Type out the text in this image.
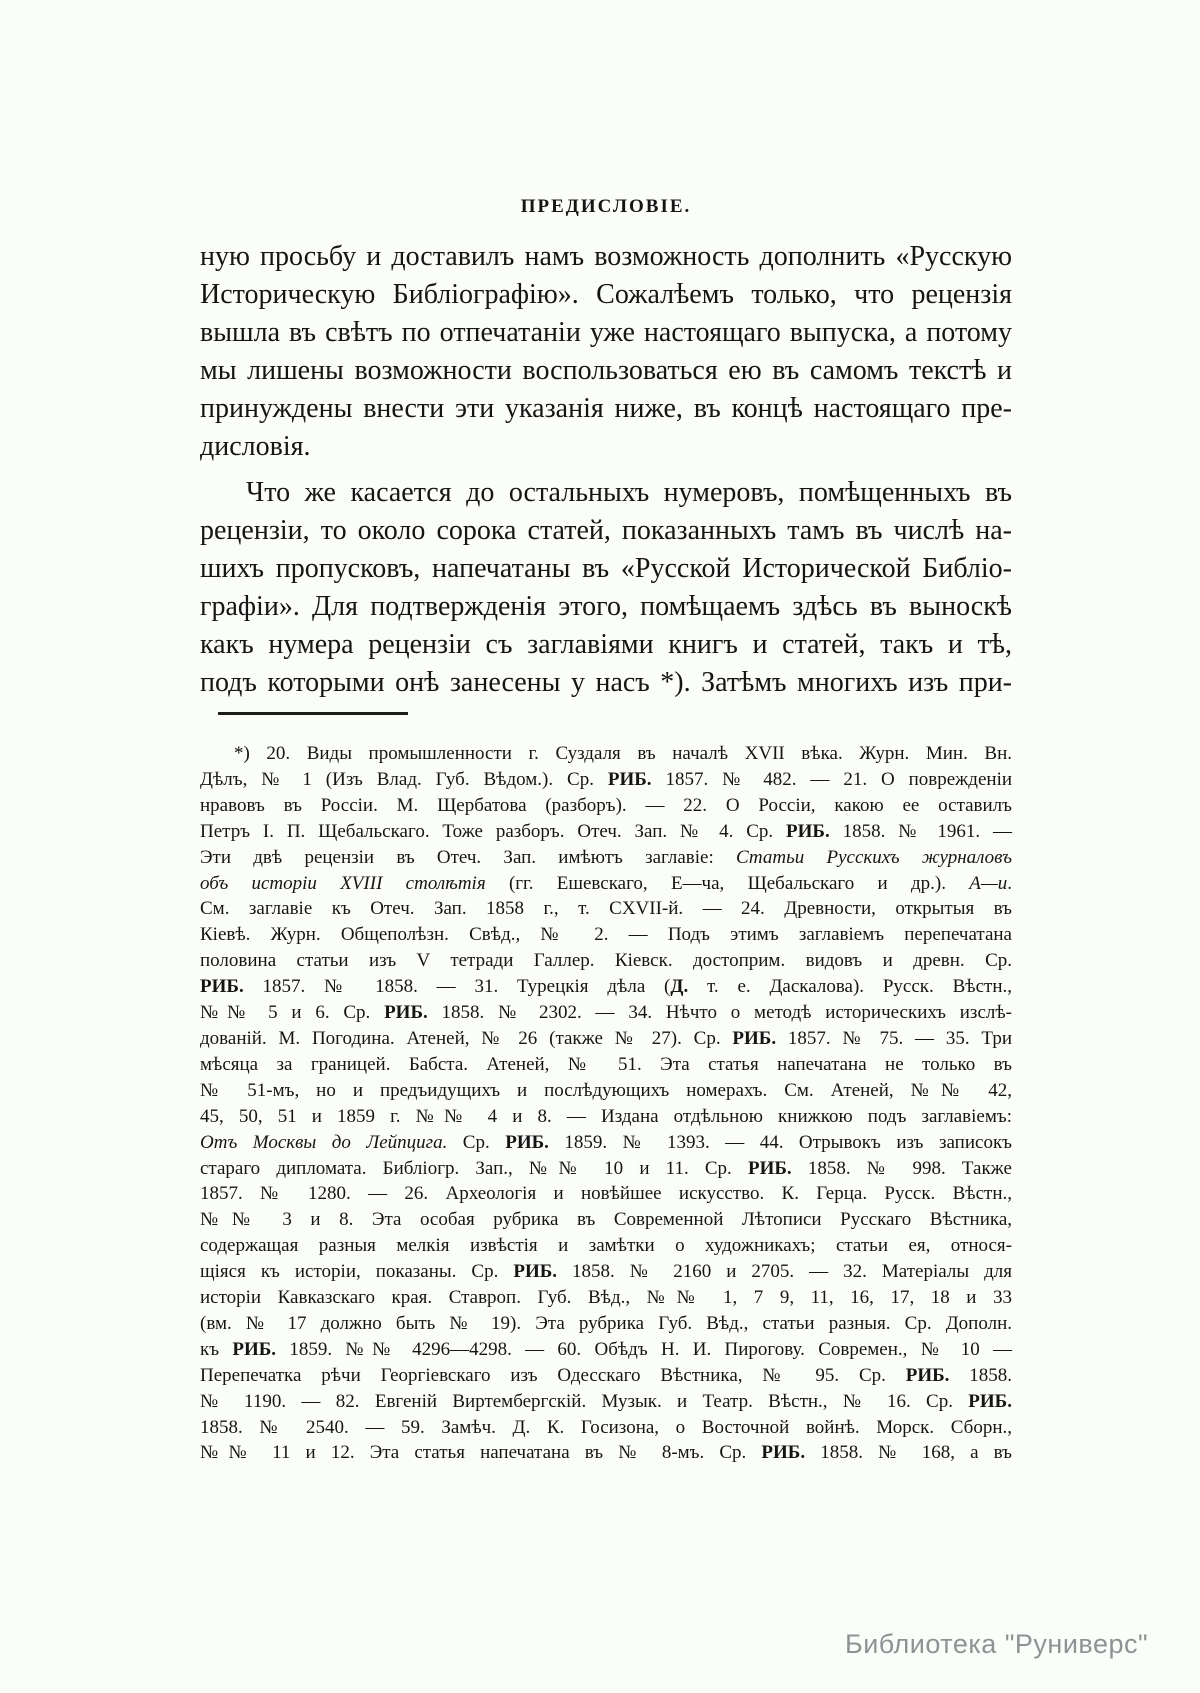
ПРЕДИСЛОВІЕ.
ную просьбу и доставилъ намъ возможность дополнить «Русскую
Историческую Библіографію». Сожалѣемъ только, что рецензія
вышла въ свѣтъ по отпечатаніи уже настоящаго выпуска, а потому
мы лишены возможности воспользоваться ею въ самомъ текстѣ и
принуждены внести эти указанія ниже, въ концѣ настоящаго пре-
дисловія.
Что же касается до остальныхъ нумеровъ, помѣщенныхъ въ
рецензіи, то около сорока статей, показанныхъ тамъ въ числѣ на-
шихъ пропусковъ, напечатаны въ «Русской Исторической Библіо-
графіи». Для подтвержденія этого, помѣщаемъ здѣсь въ выноскѣ
какъ нумера рецензіи съ заглавіями книгъ и статей, такъ и тѣ,
подъ которыми онѣ занесены у насъ *). Затѣмъ многихъ изъ при-
*) 20. Виды промышленности г. Суздаля въ началѣ XVII вѣка. Журн. Мин. Вн.
Дѣлъ, № 1 (Изъ Влад. Губ. Вѣдом.). Ср. РИБ. 1857. № 482. — 21. О поврежденіи
нравовъ въ Россіи. М. Щербатова (разборъ). — 22. О Россіи, какою ее оставилъ
Петръ I. П. Щебальскаго. Тоже разборъ. Отеч. Зап. № 4. Ср. РИБ. 1858. № 1961. —
Эти двѣ рецензіи въ Отеч. Зап. имѣютъ заглавіе: Статьи Русскихъ журналовъ
объ исторіи XVIII столѣтія (гг. Ешевскаго, Е—ча, Щебальскаго и др.). А—и.
См. заглавіе къ Отеч. Зап. 1858 г., т. CXVII-й. — 24. Древности, открытыя въ
Кіевѣ. Журн. Общеполѣзн. Свѣд., № 2. — Подъ этимъ заглавіемъ перепечатана
половина статьи изъ V тетради Галлер. Кіевск. достоприм. видовъ и древн. Ср.
РИБ. 1857. № 1858. — 31. Турецкія дѣла (Д. т. е. Даскалова). Русск. Вѣстн.,
№№ 5 и 6. Ср. РИБ. 1858. № 2302. — 34. Нѣчто о методѣ историческихъ изслѣ-
дованій. М. Погодина. Атеней, № 26 (также № 27). Ср. РИБ. 1857. № 75. — 35. Три
мѣсяца за границей. Бабста. Атеней, № 51. Эта статья напечатана не только въ
№ 51-мъ, но и предъидущихъ и послѣдующихъ номерахъ. См. Атеней, №№ 42,
45, 50, 51 и 1859 г. №№ 4 и 8. — Издана отдѣльною книжкою подъ заглавіемъ:
Отъ Москвы до Лейпцига. Ср. РИБ. 1859. № 1393. — 44. Отрывокъ изъ записокъ
стараго дипломата. Библіогр. Зап., №№ 10 и 11. Ср. РИБ. 1858. № 998. Также
1857. № 1280. — 26. Археологія и новѣйшее искусство. К. Герца. Русск. Вѣстн.,
№№ 3 и 8. Эта особая рубрика въ Современной Лѣтописи Русскаго Вѣстника,
содержащая разныя мелкія извѣстія и замѣтки о художникахъ; статьи ея, относя-
щіяся къ исторіи, показаны. Ср. РИБ. 1858. № 2160 и 2705. — 32. Матеріалы для
исторіи Кавказскаго края. Ставроп. Губ. Вѣд., №№ 1, 7 9, 11, 16, 17, 18 и 33
(вм. № 17 должно быть № 19). Эта рубрика Губ. Вѣд., статьи разныя. Ср. Дополн.
къ РИБ. 1859. №№ 4296—4298. — 60. Обѣдъ Н. И. Пирогову. Современ., № 10 —
Перепечатка рѣчи Георгіевскаго изъ Одесскаго Вѣстника, № 95. Ср. РИБ. 1858.
№ 1190. — 82. Евгеній Виртембергскій. Музык. и Театр. Вѣстн., № 16. Ср. РИБ.
1858. № 2540. — 59. Замѣч. Д. К. Госизона, о Восточной войнѣ. Морск. Сборн.,
№№ 11 и 12. Эта статья напечатана въ № 8-мъ. Ср. РИБ. 1858. № 168, а въ
Библиотека "Руниверс"
